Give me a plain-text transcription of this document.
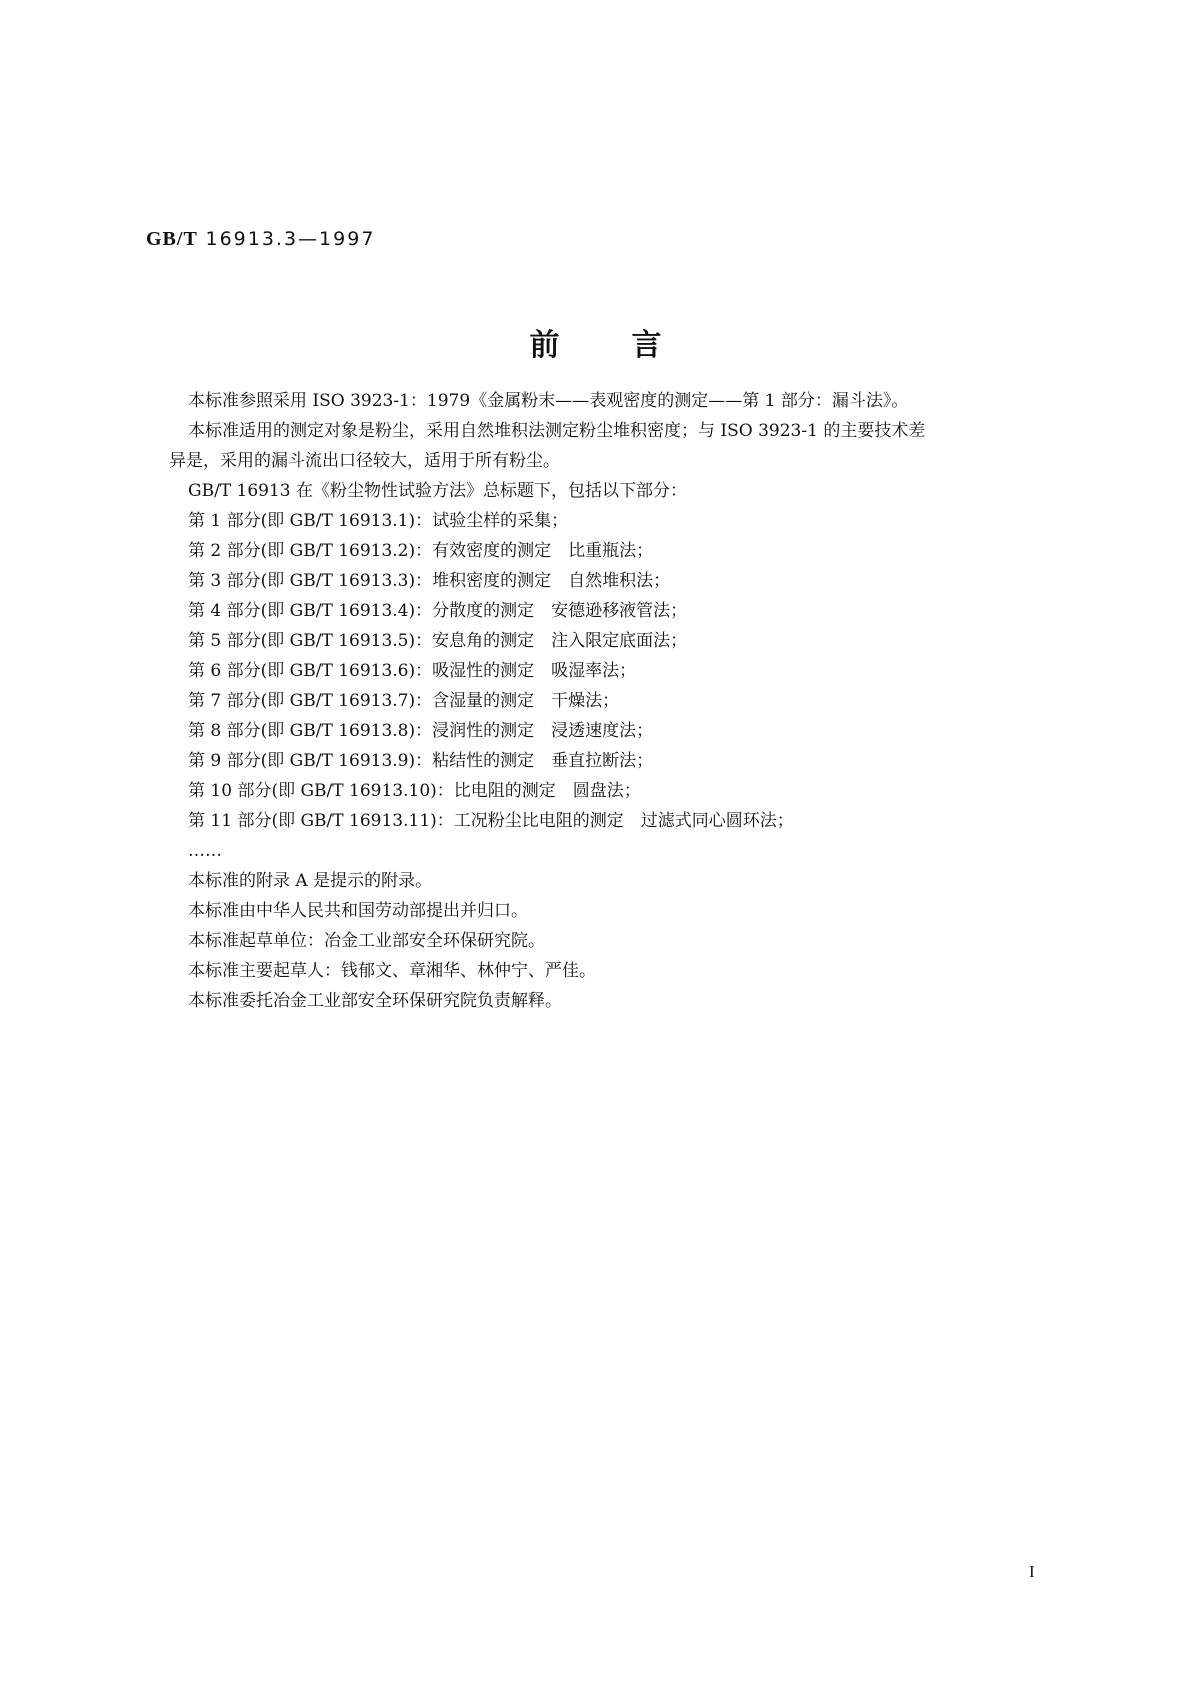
GB/T 16913.3—1997
前言

本标准参照采用 ISO 3923-1：1979《金属粉末——表观密度的测定——第 1 部分：漏斗法》。

本标准适用的测定对象是粉尘，采用自然堆积法测定粉尘堆积密度；与 ISO 3923-1 的主要技术差

异是，采用的漏斗流出口径较大，适用于所有粉尘。

GB/T 16913 在《粉尘物性试验方法》总标题下，包括以下部分：

第 1 部分(即 GB/T 16913.1)：试验尘样的采集；

第 2 部分(即 GB/T 16913.2)：有效密度的测定　比重瓶法；

第 3 部分(即 GB/T 16913.3)：堆积密度的测定　自然堆积法；

第 4 部分(即 GB/T 16913.4)：分散度的测定　安德逊移液管法；

第 5 部分(即 GB/T 16913.5)：安息角的测定　注入限定底面法；

第 6 部分(即 GB/T 16913.6)：吸湿性的测定　吸湿率法；

第 7 部分(即 GB/T 16913.7)：含湿量的测定　干燥法；

第 8 部分(即 GB/T 16913.8)：浸润性的测定　浸透速度法；

第 9 部分(即 GB/T 16913.9)：粘结性的测定　垂直拉断法；

第 10 部分(即 GB/T 16913.10)：比电阻的测定　圆盘法；

第 11 部分(即 GB/T 16913.11)：工况粉尘比电阻的测定　过滤式同心圆环法；

……

本标准的附录 A 是提示的附录。

本标准由中华人民共和国劳动部提出并归口。

本标准起草单位：冶金工业部安全环保研究院。

本标准主要起草人：钱郁文、章湘华、林仲宁、严佳。

本标准委托冶金工业部安全环保研究院负责解释。

I
